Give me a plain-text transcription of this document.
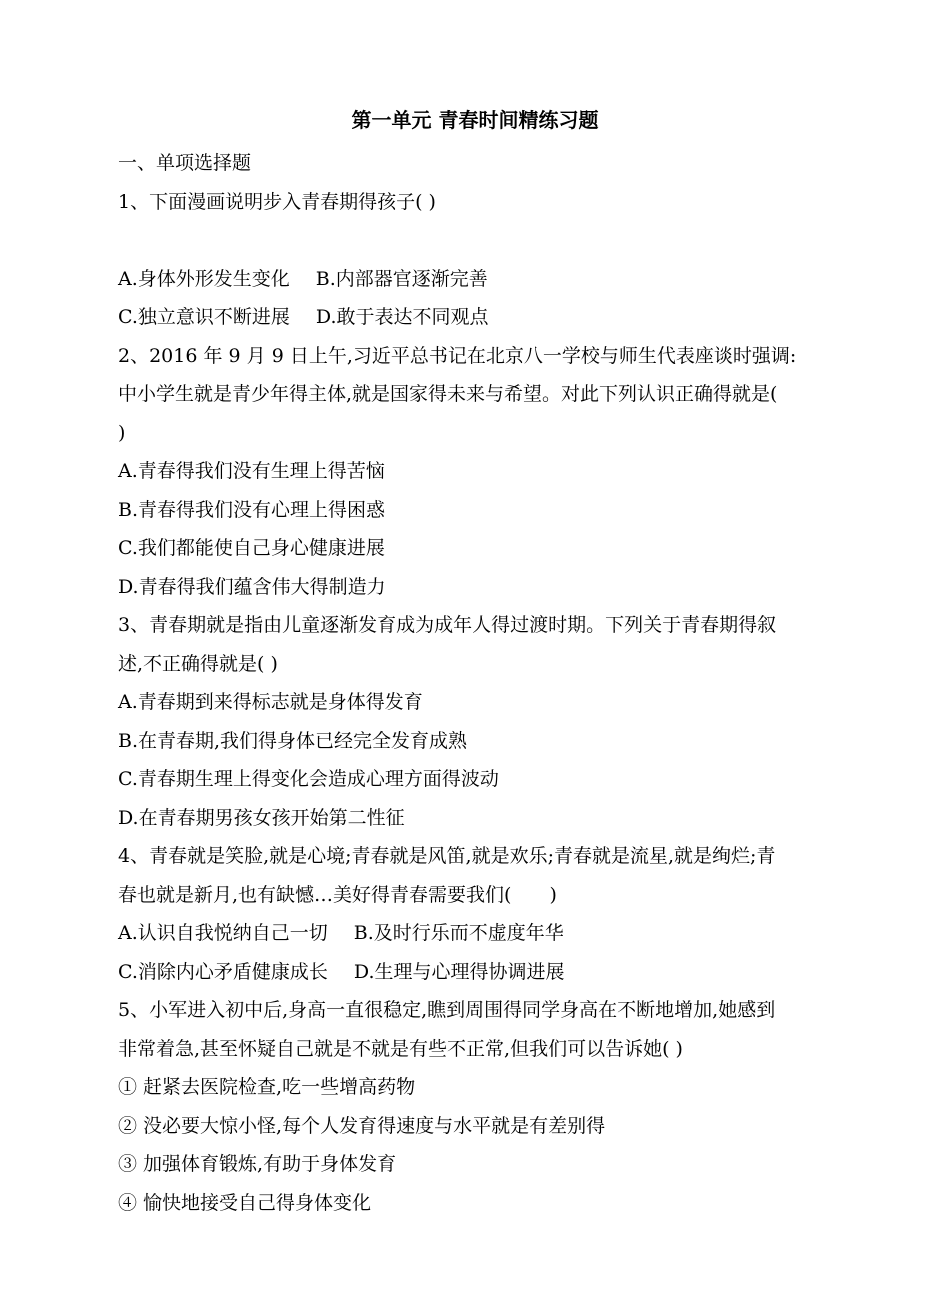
第一单元 青春时间精练习题
一、单项选择题
1、下面漫画说明步入青春期得孩子( )
A.身体外形发生变化 B.内部器官逐渐完善
C.独立意识不断进展 D.敢于表达不同观点
2、2016 年 9 月 9 日上午,习近平总书记在北京八一学校与师生代表座谈时强调:
中小学生就是青少年得主体,就是国家得未来与希望。对此下列认识正确得就是(
)
A.青春得我们没有生理上得苦恼
B.青春得我们没有心理上得困惑
C.我们都能使自己身心健康进展
D.青春得我们蕴含伟大得制造力
3、青春期就是指由儿童逐渐发育成为成年人得过渡时期。下列关于青春期得叙
述,不正确得就是( )
A.青春期到来得标志就是身体得发育
B.在青春期,我们得身体已经完全发育成熟
C.青春期生理上得变化会造成心理方面得波动
D.在青春期男孩女孩开始第二性征
4、青春就是笑脸,就是心境;青春就是风笛,就是欢乐;青春就是流星,就是绚烂;青
春也就是新月,也有缺憾…美好得青春需要我们(　　)
A.认识自我悦纳自己一切 B.及时行乐而不虚度年华
C.消除内心矛盾健康成长 D.生理与心理得协调进展
5、小军进入初中后,身高一直很稳定,瞧到周围得同学身高在不断地增加,她感到
非常着急,甚至怀疑自己就是不就是有些不正常,但我们可以告诉她( )
① 赶紧去医院检查,吃一些增高药物
② 没必要大惊小怪,每个人发育得速度与水平就是有差别得
③ 加强体育锻炼,有助于身体发育
④ 愉快地接受自己得身体变化
